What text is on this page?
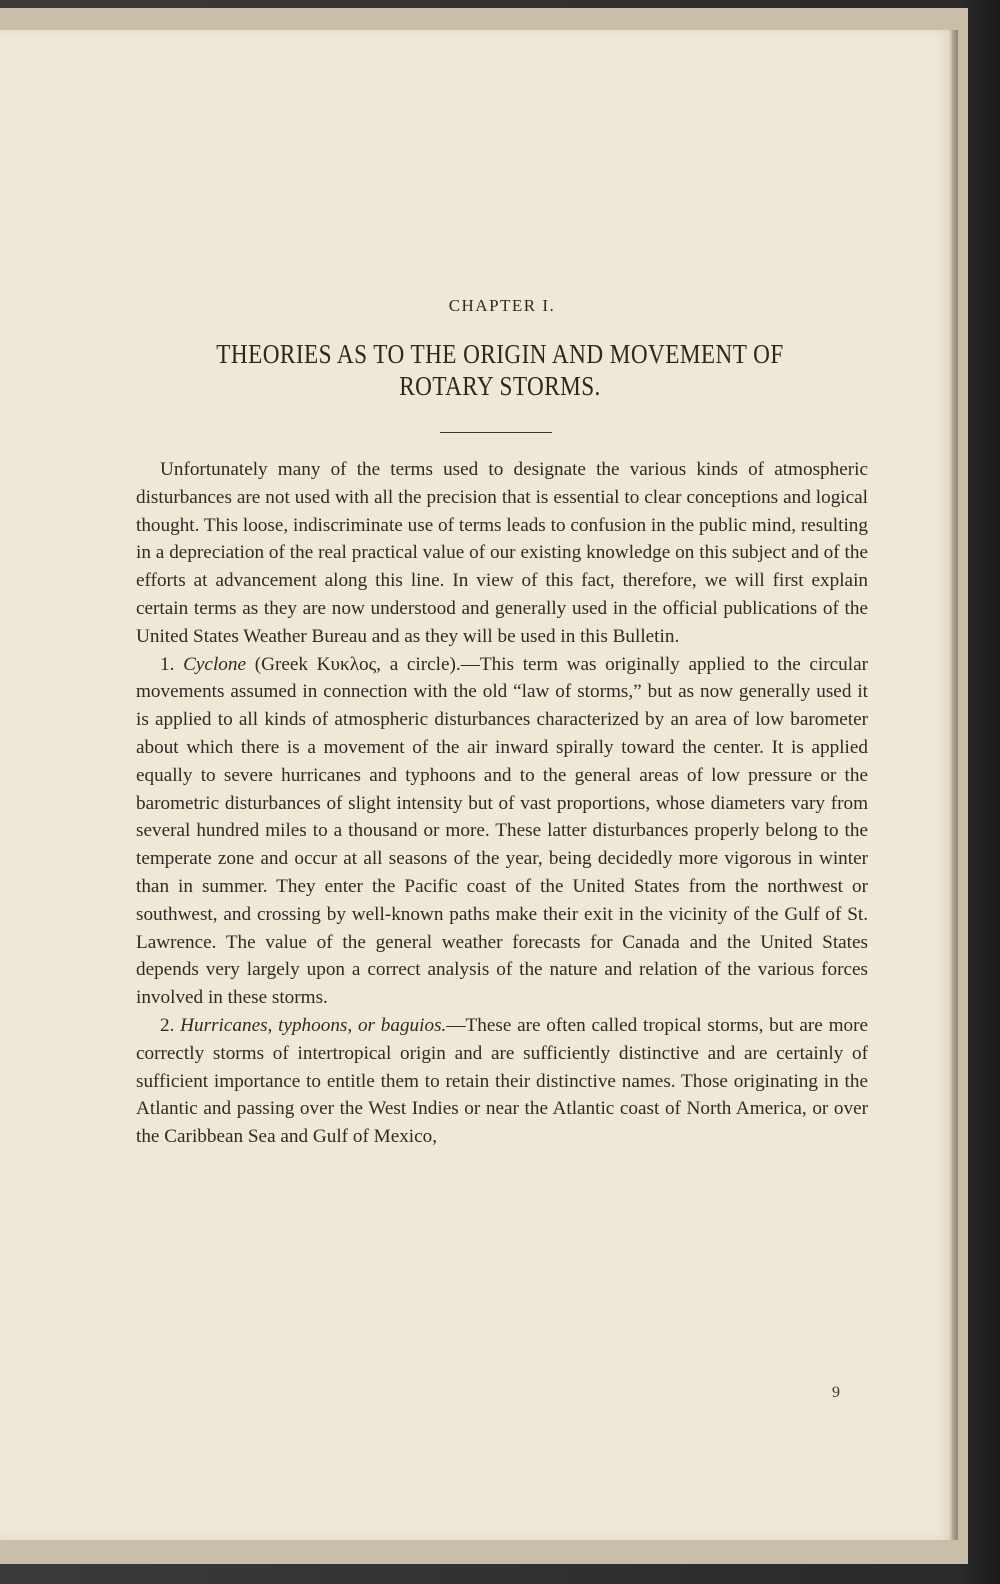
CHAPTER I.
THEORIES AS TO THE ORIGIN AND MOVEMENT OF ROTARY STORMS.

Unfortunately many of the terms used to designate the various kinds of atmospheric disturbances are not used with all the precision that is essential to clear conceptions and logical thought. This loose, indiscriminate use of terms leads to confusion in the public mind, resulting in a depreciation of the real practical value of our existing knowledge on this subject and of the efforts at advancement along this line. In view of this fact, therefore, we will first explain certain terms as they are now understood and generally used in the official publications of the United States Weather Bureau and as they will be used in this Bulletin.

1. Cyclone (Greek Κυκλος, a circle).—This term was originally applied to the circular movements assumed in connection with the old “law of storms,” but as now generally used it is applied to all kinds of atmospheric disturbances characterized by an area of low barometer about which there is a movement of the air inward spirally toward the center. It is applied equally to severe hurricanes and typhoons and to the general areas of low pressure or the barometric disturbances of slight intensity but of vast proportions, whose diameters vary from several hundred miles to a thousand or more. These latter disturbances properly belong to the temperate zone and occur at all seasons of the year, being decidedly more vigorous in winter than in summer. They enter the Pacific coast of the United States from the northwest or southwest, and crossing by well-known paths make their exit in the vicinity of the Gulf of St. Lawrence. The value of the general weather forecasts for Canada and the United States depends very largely upon a correct analysis of the nature and relation of the various forces involved in these storms.

2. Hurricanes, typhoons, or baguios.—These are often called tropical storms, but are more correctly storms of intertropical origin and are sufficiently distinctive and are certainly of sufficient importance to entitle them to retain their distinctive names. Those originating in the Atlantic and passing over the West Indies or near the Atlantic coast of North America, or over the Caribbean Sea and Gulf of Mexico,

9
